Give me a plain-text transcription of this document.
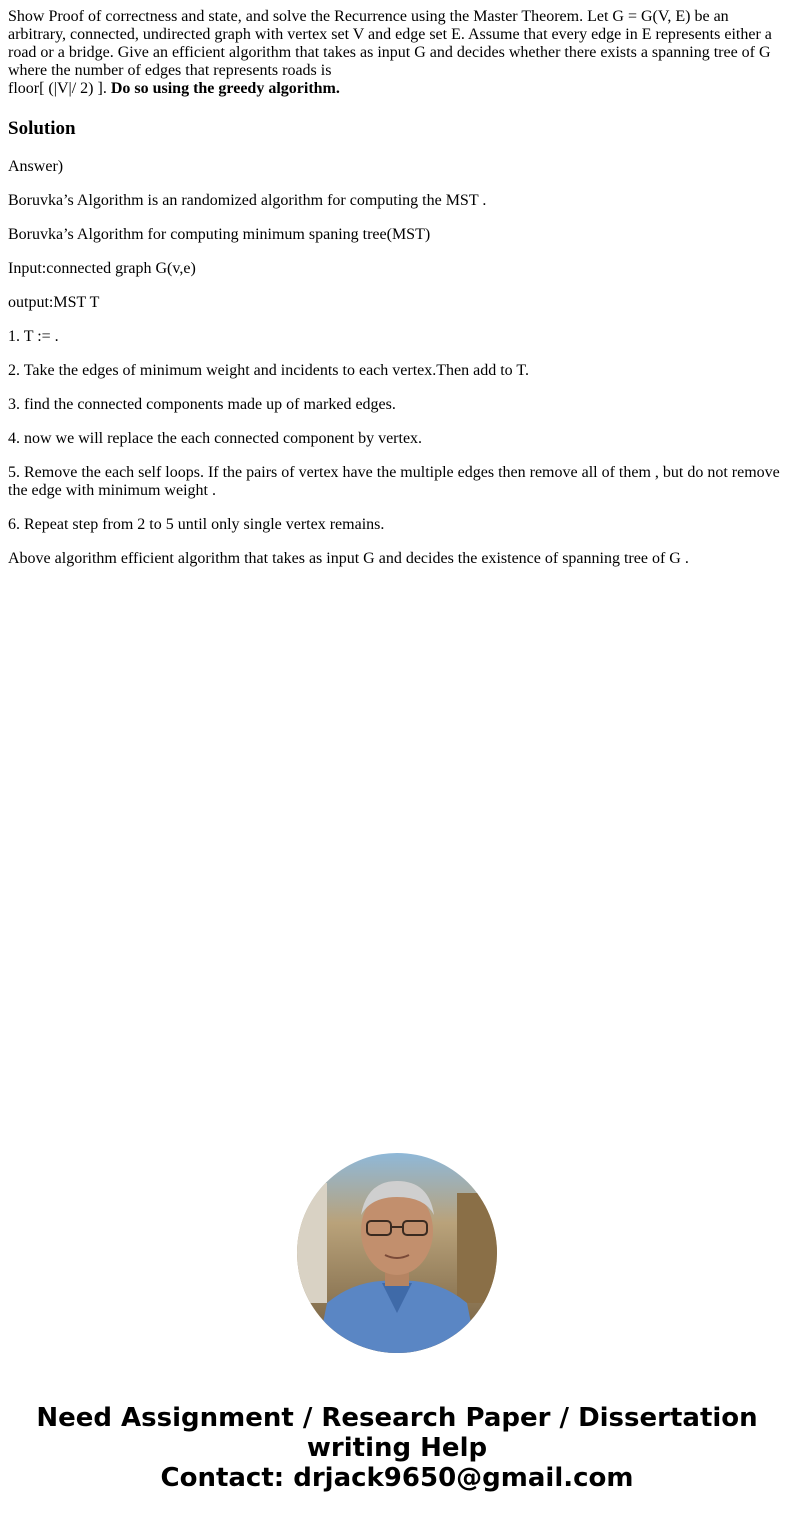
Show Proof of correctness and state, and solve the Recurrence using the Master Theorem. Let G = G(V, E) be an arbitrary, connected, undirected graph with vertex set V and edge set E. Assume that every edge in E represents either a road or a bridge. Give an efficient algorithm that takes as input G and decides whether there exists a spanning tree of G where the number of edges that represents roads is
floor[ (|V|/ 2) ]. Do so using the greedy algorithm.

Solution

Answer)

Boruvka’s Algorithm is an randomized algorithm for computing the MST .

Boruvka’s Algorithm for computing minimum spaning tree(MST)

Input:connected graph G(v,e)

output:MST T

1. T := .

2. Take the edges of minimum weight and incidents to each vertex.Then add to T.

3. find the connected components made up of marked edges.

4. now we will replace the each connected component by vertex.

5. Remove the each self loops. If the pairs of vertex have the multiple edges then remove all of them , but do not remove the edge with minimum weight .

6. Repeat step from 2 to 5 until only single vertex remains.

Above algorithm efficient algorithm that takes as input G and decides the existence of spanning tree of G .

Need Assignment / Research Paper / Dissertation
writing Help
Contact: drjack9650@gmail.com
